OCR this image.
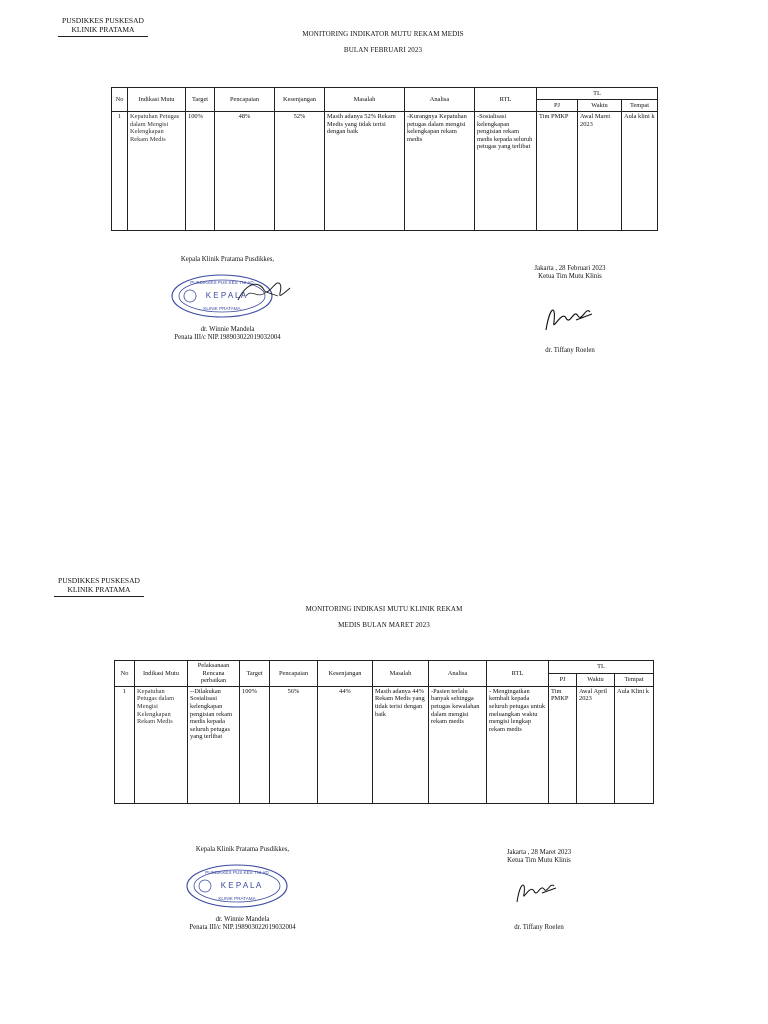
PUSDIKKES PUSKESAD
KLINIK PRATAMA	MONITORING INDIKATOR MUTU REKAM MEDIS
BULAN FEBRUARI 2023
No	Indikasi Mutu	Target	Pencapaian	Kesenjangan	Masalah	Analisa	RTL	TL		
								PJ	Waktu	Tempat
1	Kepatuhan Petugas dalam Mengisi Kelengkapan Rekam Medis	100%	48%	52%	Masih adanya 52% Rekam Medis yang tidak terisi dengan baik	-Kurangnya Kepatuhan petugas dalam mengisi kelengkapan rekam medis	-Sosialisasi kelengkapan pengisian rekam medis kepada seluruh petugas yang terlibat	Tim PMKP	Awal Maret 2023	Aula klini k
Kepala Klinik Pratama Pusdikkes,
PUSDIKKES PUS KES TNI AD
K E P A L A
KLINIK PRATAMA
dr. Winnie Mandela
Penata III/c NIP.198903022019032004
Jakarta , 28 Februari 2023
Ketua Tim Mutu Klinis
dr. Tiffany Roelen
PUSDIKKES PUSKESAD
KLINIK PRATAMA
MONITORING INDIKASI MUTU KLINIK REKAM
MEDIS BULAN MARET 2023
No	Indikasi Mutu	Pelaksanaan Rencana perbaikan	Target	Pencapaian	Kesenjangan	Masalah	Analisa	RTL	TL		
									PJ	Waktu	Tempat
1	Kepatuhan Petugas dalam Mengisi Kelengkapan Rekam Medis	--Dilakukan Sosialisasi kelengkapan pengisian rekam medis kepada seluruh petugas yang terlibat	100%	56%	44%	Masih adanya 44% Rekam Medis yang tidak terisi dengan baik	-Pasien terlalu banyak sehingga petugas kewalahan dalam mengisi rekam medis	- Mengingatkan kembali kepada seluruh petugas untuk meluangkan waktu mengisi lengkap rekam medis	Tim PMKP	Awal April 2023	Aula Klini k
Kepala Klinik Pratama Pusdikkes,
PUSDIKKES PUS KES TNI AD
K E P A L A
KLINIK PRATAMA
dr. Winnie Mandela
Penata III/c NIP.198903022019032004
Jakarta , 28 Maret 2023
Ketua Tim Mutu Klinis
dr. Tiffany Roelen
